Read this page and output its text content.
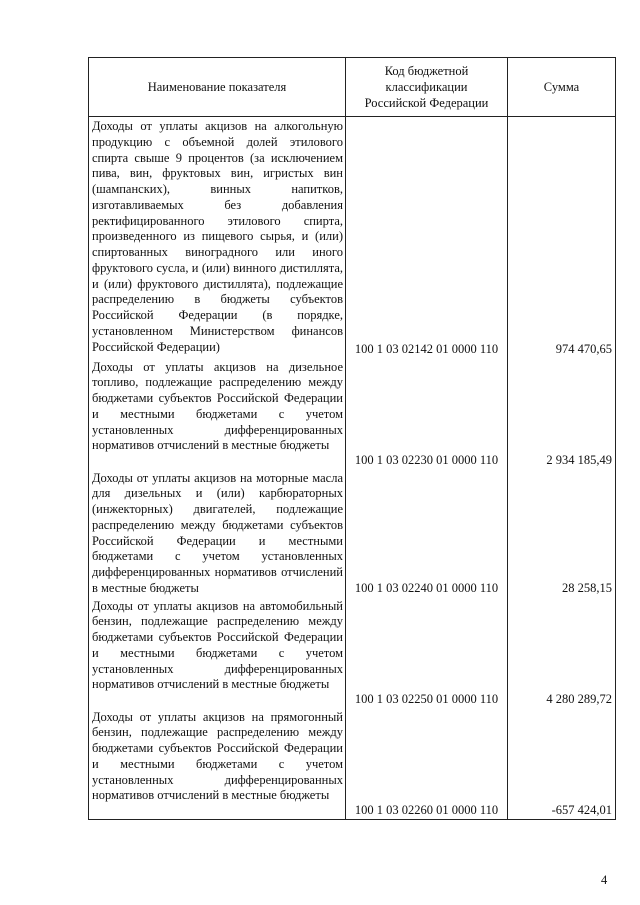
Наименование показателя	Код бюджетной классификации Российской Федерации	Сумма
Доходы от уплаты акцизов на алкогольную продукцию с объемной долей этилового спирта свыше 9 процентов (за исключением пива, вин, фруктовых вин, игристых вин (шампанских), винных напитков, изготавливаемых без добавления ректифицированного этилового спирта, произведенного из пищевого сырья, и (или) спиртованных виноградного или иного фруктового сусла, и (или) винного дистиллята, и (или) фруктового дистиллята), подлежащие распределению в бюджеты субъектов Российской Федерации (в порядке, установленном Министерством финансов Российской Федерации)	100 1 03 02142 01 0000 110	974 470,65
Доходы от уплаты акцизов на дизельное топливо, подлежащие распределению между бюджетами субъектов Российской Федерации и местными бюджетами с учетом установленных дифференцированных нормативов отчислений в местные бюджеты	100 1 03 02230 01 0000 110	2 934 185,49
Доходы от уплаты акцизов на моторные масла для дизельных и (или) карбюраторных (инжекторных) двигателей, подлежащие распределению между бюджетами субъектов Российской Федерации и местными бюджетами с учетом установленных дифференцированных нормативов отчислений в местные бюджеты	100 1 03 02240 01 0000 110	28 258,15
Доходы от уплаты акцизов на автомобильный бензин, подлежащие распределению между бюджетами субъектов Российской Федерации и местными бюджетами с учетом установленных дифференцированных нормативов отчислений в местные бюджеты	100 1 03 02250 01 0000 110	4 280 289,72
Доходы от уплаты акцизов на прямогонный бензин, подлежащие распределению между бюджетами субъектов Российской Федерации и местными бюджетами с учетом установленных дифференцированных нормативов отчислений в местные бюджеты	100 1 03 02260 01 0000 110	-657 424,01
4
